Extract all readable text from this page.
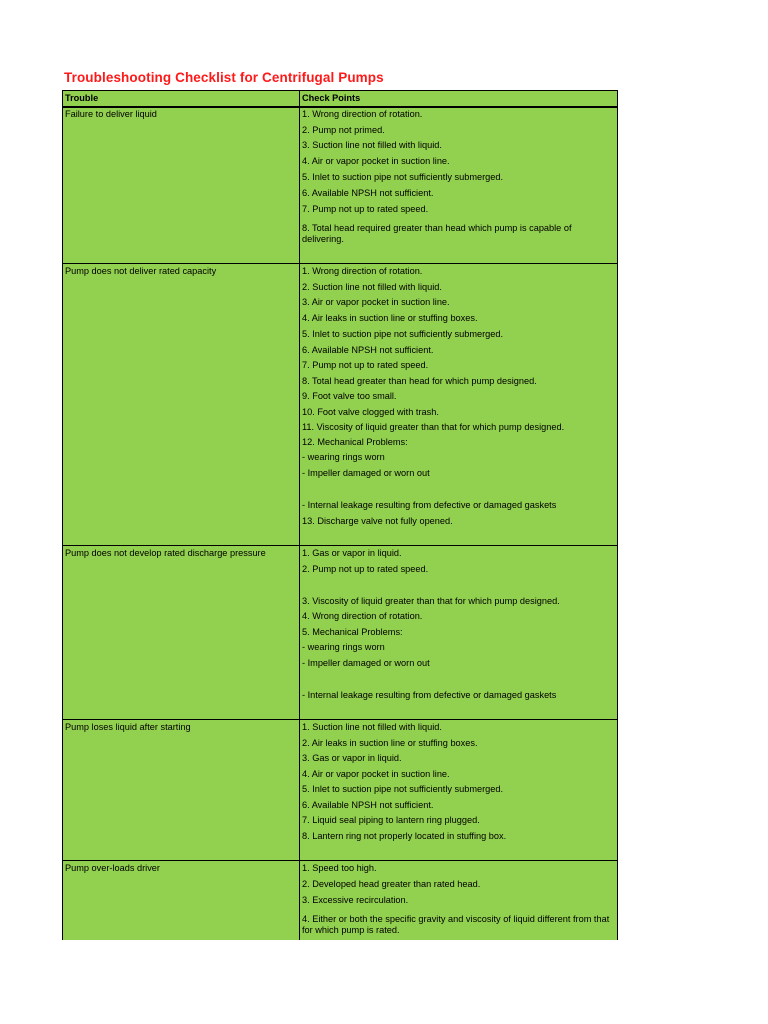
Troubleshooting Checklist for Centrifugal Pumps
Trouble	Check Points
Failure to deliver liquid	1. Wrong direction of rotation.
2. Pump not primed.
3. Suction line not filled with liquid.
4. Air or vapor pocket in suction line.
5. Inlet to suction pipe not sufficiently submerged.
6. Available NPSH not sufficient.
7. Pump not up to rated speed.
8. Total head required greater than head which pump is capable of delivering.
Pump does not deliver rated capacity	1. Wrong direction of rotation.
2. Suction line not filled with liquid.
3. Air or vapor pocket in suction line.
4. Air leaks in suction line or stuffing boxes.
5. Inlet to suction pipe not sufficiently submerged.
6. Available NPSH not sufficient.
7. Pump not up to rated speed.
8. Total head greater than head for which pump designed.
9. Foot valve too small.
10. Foot valve clogged with trash.
11. Viscosity of liquid greater than that for which pump designed.
12. Mechanical Problems:
- wearing rings worn
- Impeller damaged or worn out
- Internal leakage resulting from defective or damaged gaskets
13. Discharge valve not fully opened.
Pump does not develop rated discharge pressure	1. Gas or vapor in liquid.
2. Pump not up to rated speed.
3. Viscosity of liquid greater than that for which pump designed.
4. Wrong direction of rotation.
5. Mechanical Problems:
- wearing rings worn
- Impeller damaged or worn out
- Internal leakage resulting from defective or damaged gaskets
Pump loses liquid after starting	1. Suction line not filled with liquid.
2. Air leaks in suction line or stuffing boxes.
3. Gas or vapor in liquid.
4. Air or vapor pocket in suction line.
5. Inlet to suction pipe not sufficiently submerged.
6. Available NPSH not sufficient.
7. Liquid seal piping to lantern ring plugged.
8. Lantern ring not properly located in stuffing box.
Pump over-loads driver	1. Speed too high.
2. Developed head greater than rated head.
3. Excessive recirculation.
4. Either or both the specific gravity and viscosity of liquid different from that for which pump is rated.
